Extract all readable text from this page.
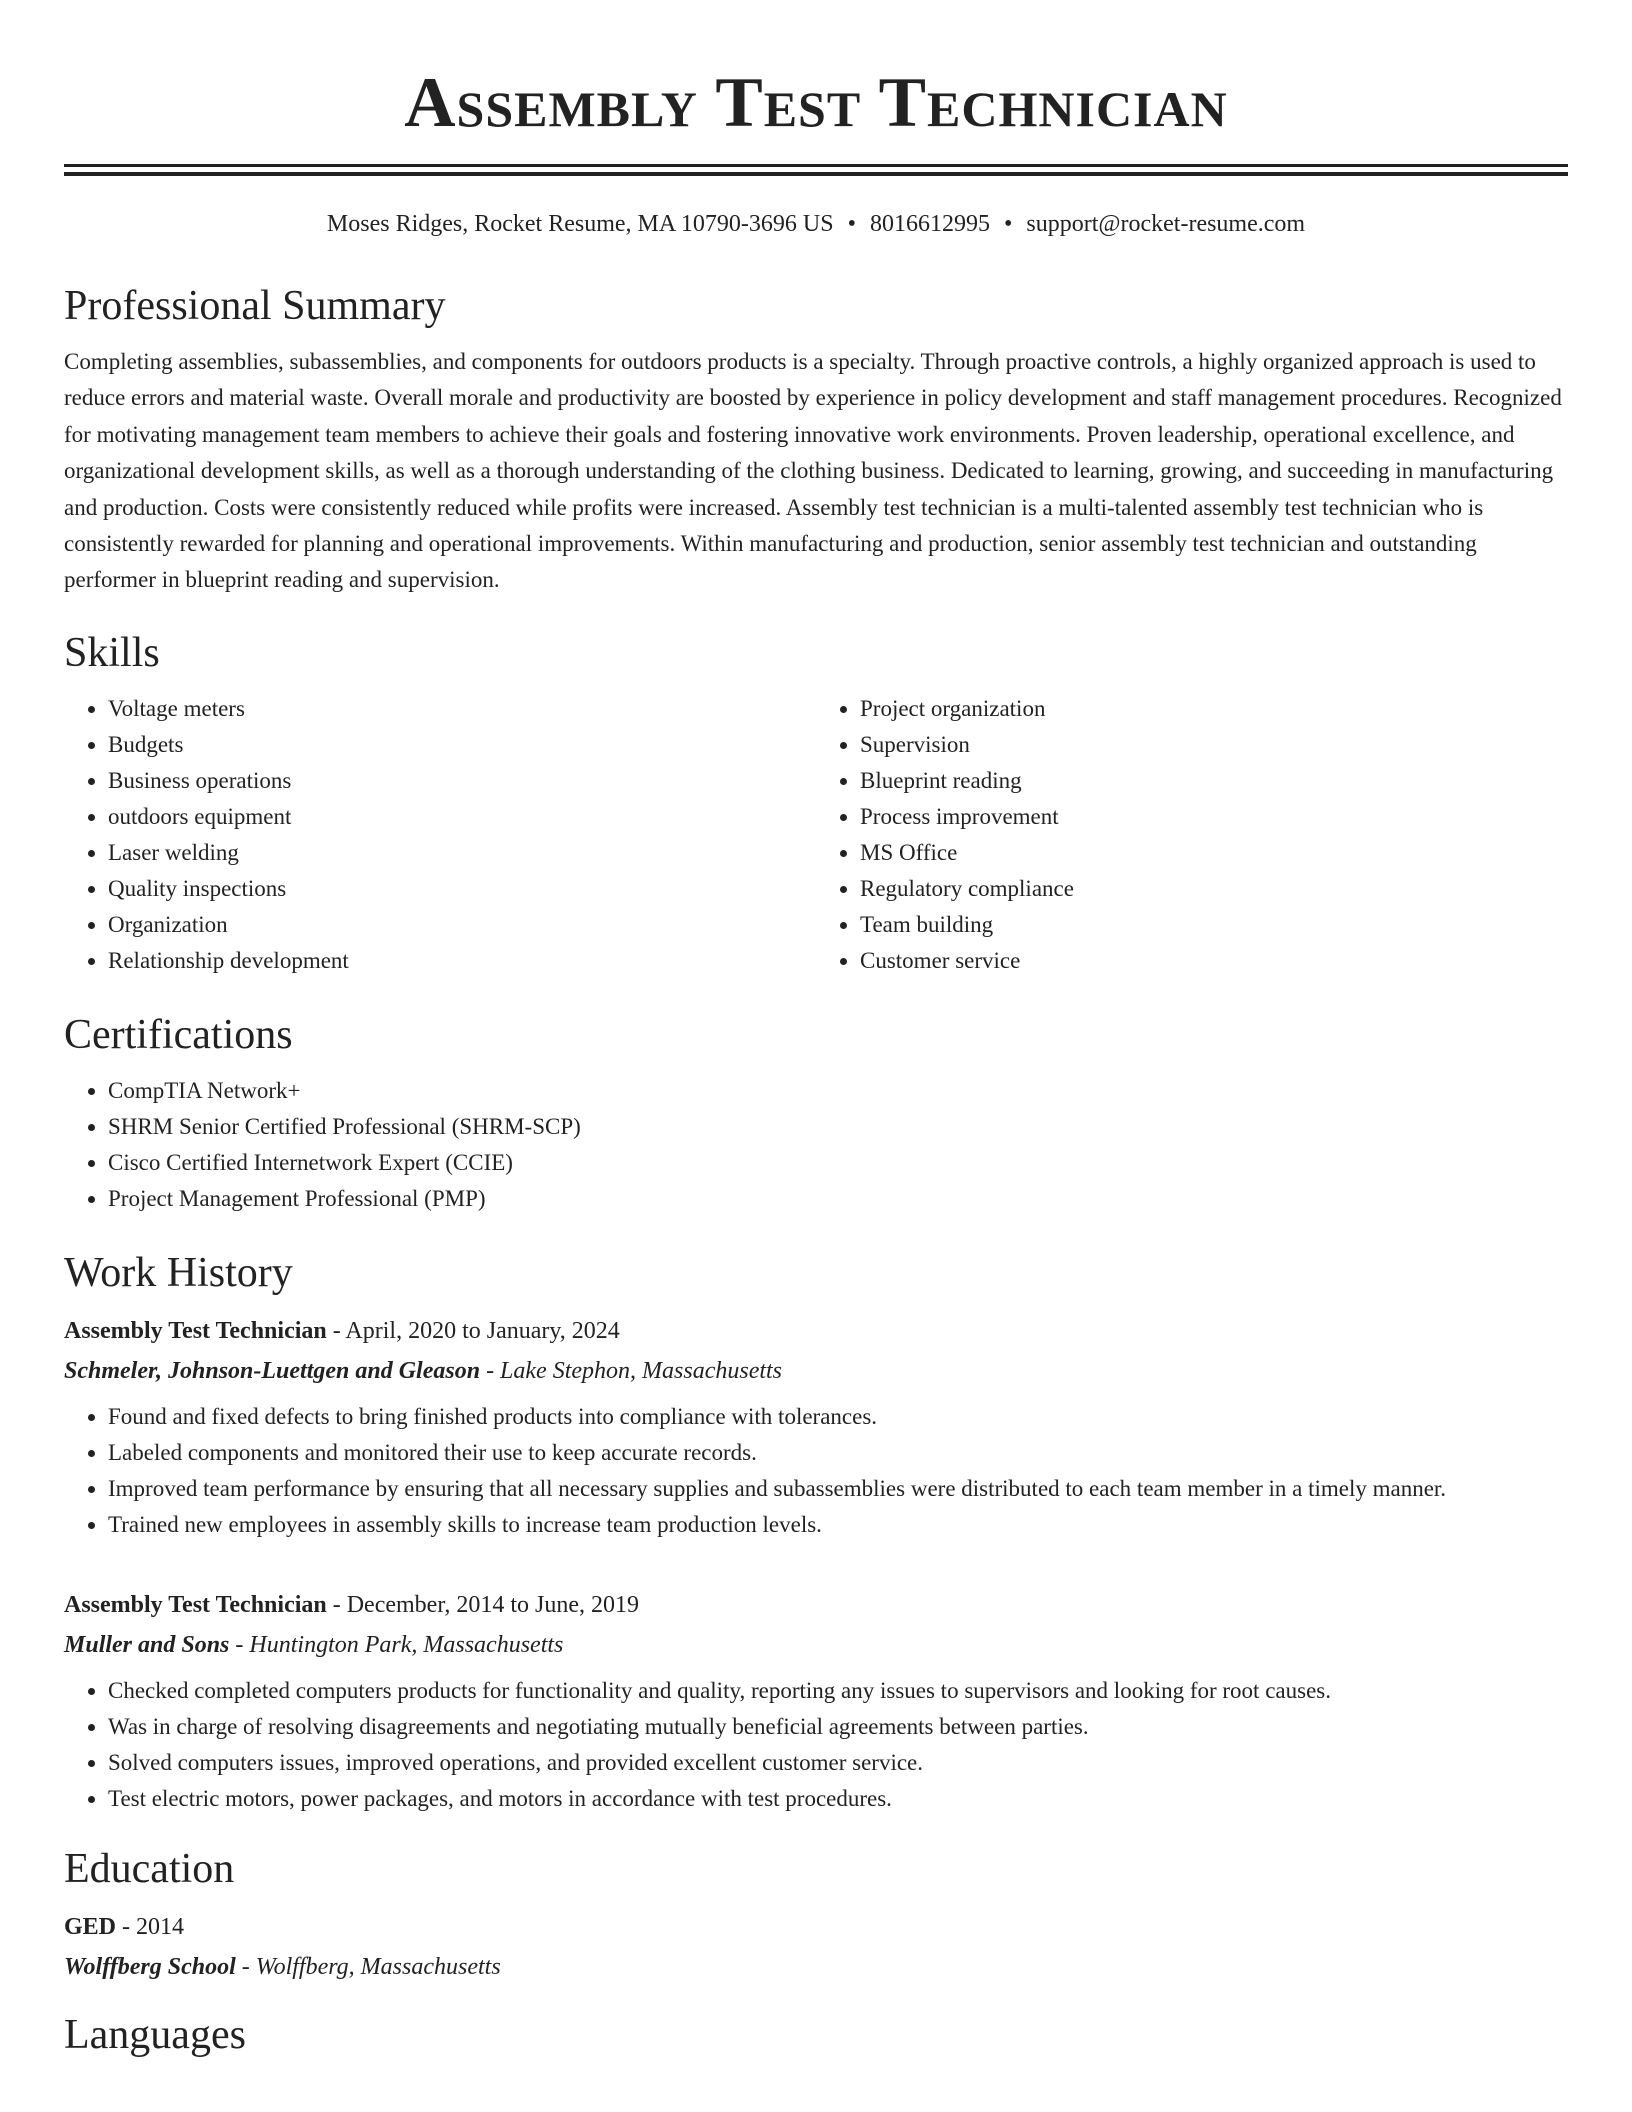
Assembly Test Technician
Moses Ridges, Rocket Resume, MA 10790-3696 US • 8016612995 • support@rocket-resume.com
Professional Summary

Completing assemblies, subassemblies, and components for outdoors products is a specialty. Through proactive controls, a highly organized approach is used to reduce errors and material waste. Overall morale and productivity are boosted by experience in policy development and staff management procedures. Recognized for motivating management team members to achieve their goals and fostering innovative work environments. Proven leadership, operational excellence, and organizational development skills, as well as a thorough understanding of the clothing business. Dedicated to learning, growing, and succeeding in manufacturing and production. Costs were consistently reduced while profits were increased. Assembly test technician is a multi-talented assembly test technician who is consistently rewarded for planning and operational improvements. Within manufacturing and production, senior assembly test technician and outstanding performer in blueprint reading and supervision.

Skills
• Voltage meters
• Budgets
• Business operations
• outdoors equipment
• Laser welding
• Quality inspections
• Organization
• Relationship development
• Project organization
• Supervision
• Blueprint reading
• Process improvement
• MS Office
• Regulatory compliance
• Team building
• Customer service
Certifications
• CompTIA Network+
• SHRM Senior Certified Professional (SHRM-SCP)
• Cisco Certified Internetwork Expert (CCIE)
• Project Management Professional (PMP)
Work History
Assembly Test Technician - April, 2020 to January, 2024
Schmeler, Johnson-Luettgen and Gleason - Lake Stephon, Massachusetts
• Found and fixed defects to bring finished products into compliance with tolerances.
• Labeled components and monitored their use to keep accurate records.
• Improved team performance by ensuring that all necessary supplies and subassemblies were distributed to each team member in a timely manner.
• Trained new employees in assembly skills to increase team production levels.
Assembly Test Technician - December, 2014 to June, 2019
Muller and Sons - Huntington Park, Massachusetts
• Checked completed computers products for functionality and quality, reporting any issues to supervisors and looking for root causes.
• Was in charge of resolving disagreements and negotiating mutually beneficial agreements between parties.
• Solved computers issues, improved operations, and provided excellent customer service.
• Test electric motors, power packages, and motors in accordance with test procedures.
Education
GED - 2014
Wolffberg School - Wolffberg, Massachusetts
Languages
